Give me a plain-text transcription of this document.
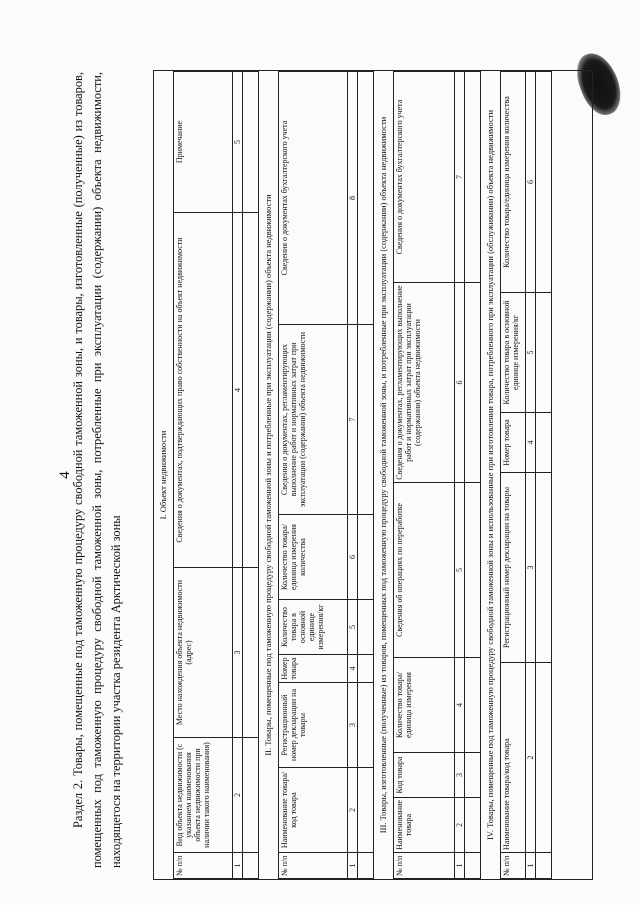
4
Раздел 2. Товары, помещенные под таможенную процедуру свободной таможенной зоны, и товары, изготовленные (полученные) из товаров, помещенных под таможенную процедуру свободной таможенной зоны, потребленные при эксплуатации (содержании) объекта недвижимости, находящегося на территории участка резидента Арктической зоны
I. Объект недвижимости
№ п/п	Вид объекта недвижимости (с указанием наименования объекта недвижимости при наличии такого наименования)	Место нахождения объекта недвижимости (адрес)	Сведения о документах, подтверждающих право собственности на объект недвижимости	Примечание
1	2	3	4	5

II. Товары, помещенные под таможенную процедуру свободной таможенной зоны и потребленные при эксплуатации (содержании) объекта недвижимости
№ п/п	Наименование товара/код товара	Регистрационный номер декларации на товары	Номер товара	Количество товара в основной единице измерения/кг	Количество товара/единица измерения количества	Сведения о документах, регламентирующих выполнение работ и нормативных затрат при эксплуатации (содержании) объекта недвижимости	Сведения о документах бухгалтерского учета
1	2	3	4	5	6	7	8
								III. Товары, изготовленные (полученные) из товаров, помещенных под таможенную процедуру свободной таможенной зоны, и потребленные при эксплуатации (содержании) объекта недвижимости
№ п/п	Наименование товара	Код товара	Количество товара/единица измерения	Сведения об операциях по переработке	Сведения о документах, регламентирующих выполнение работ и нормативных затрат при эксплуатации (содержании) объекта недвижимости	Сведения о документах бухгалтерского учета
1	2	3	4	5	6	7
							IV. Товары, помещенные под таможенную процедуру свободной таможенной зоны и использованные при изготовлении товара, потребленного при эксплуатации (обслуживании) объекта недвижимости
№ п/п	Наименование товара/код товара	Регистрационный номер декларации на товары	Номер товара	Количество товара в основной единице измерения/кг	Количество товара/единица измерения количества
1	2	3	4	5	6
